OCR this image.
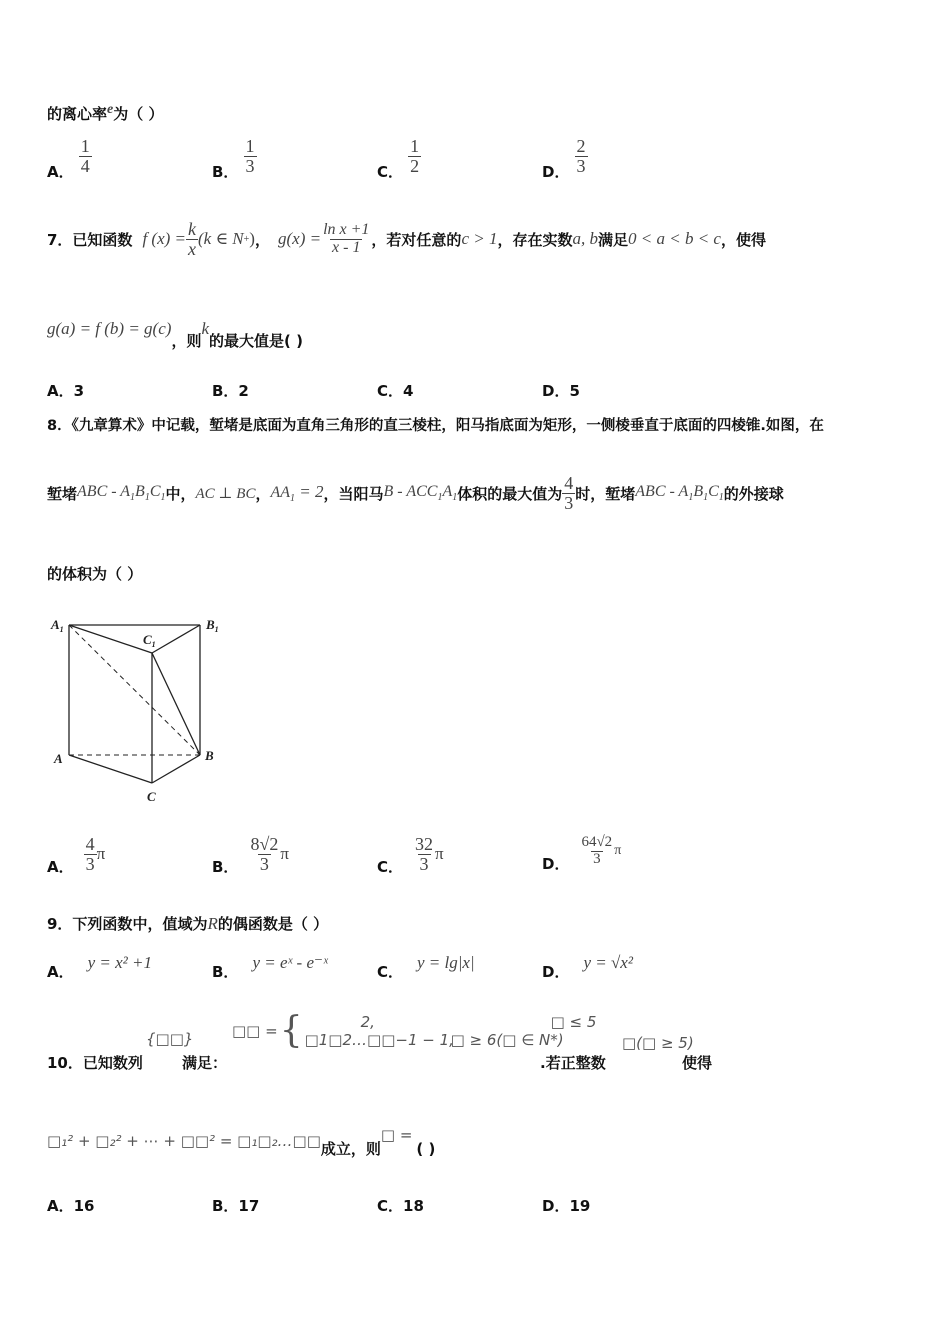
的离心率e为（ ）
A． $\frac{1}{4}$	B． $\frac{1}{3}$	C． $\frac{1}{2}$	D． $\frac{2}{3}$
7．已知函数 f $(x) = \frac{k}{x} (k$ ∈ N + ) ， $g(x) = \frac{\text{ln x +1}}{x - 1}$ ，若对任意的 c > 1 ，存在实数 a, b 满足 0 < a < b < c ，使得
g(a) = f (b) = g(c)
，则
k
的最大值是( )
A．3	B．2	C．4	D．5
8．《九章算术》中记载，堑堵是底面为直角三角形的直三棱柱，阳马指底面为矩形，一侧棱垂直于底面的四棱锥.如图，在
堑堵 ABC - $A_1B_1C_1$ 中， AC ⊥ BC ， $AA_1 = 2$ ，当阳马 B - $ACC_1A_1$ 体积的最大值为 $\frac{4}{3}$ 时，堑堵 ABC - $A_1B_1C_1$ 的外接球
的体积为（ ）
$A_1$	$B_1$
$C_1$
A	B
C
A． $\frac{4}{3}$ π
B． $\frac{8√2}{3}$ π
C． $\frac{32}{3}$ π
D． $\frac{64√2}{3}$ π
9．下列函数中，值域为 R 的偶函数是（ ）
A．
y = x² +1
B．
y = eˣ - e⁻ˣ
C．
y = lg|x|
D．
y = √x²
{□□}	□□ = {	2,	□ ≤ 5
□1□2…□□−1 − 1,
□ ≥ 6 (□ ∈ N*)	□(□ ≥ 5)
10．已知数列	满足：	.若正整数	使得
□₁² + □₂² + ⋯ + □□² = □₁□₂…□□ 成立，则
□ =
( )
A．16	B．17	C．18	D．19
